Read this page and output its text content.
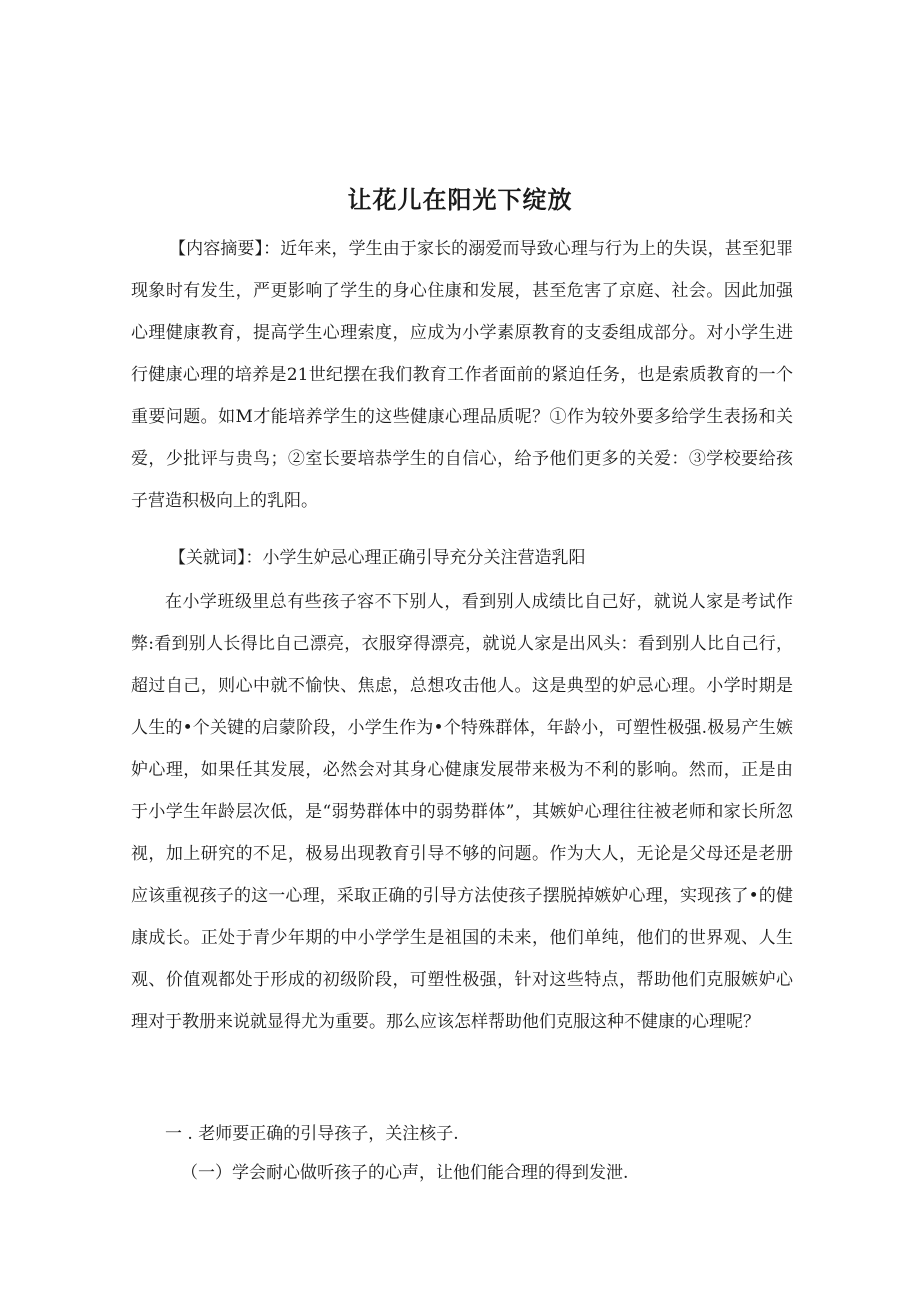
让花儿在阳光下绽放

【内容摘要】：近年来，学生由于家长的溺爱而导致心理与行为上的失误，甚至犯罪现象时有发生，严更影响了学生的身心住康和发展，甚至危害了京庭、社会。因此加强心理健康教育，提高学生心理索度，应成为小学素原教育的支委组成部分。对小学生进行健康心理的培养是21世纪摆在我们教育工作者面前的紧迫任务，也是索质教育的一个重要问题。如M才能培养学生的这些健康心理品质呢？①作为较外要多给学生表扬和关爱，少批评与贵鸟；②室长要培恭学生的自信心，给予他们更多的关爱：③学校要给孩子营造积极向上的乳阳。

【关就词】：小学生妒忌心理正确引导充分关注营造乳阳

在小学班级里总有些孩子容不下别人，看到别人成绩比自己好，就说人家是考试作弊:看到别人长得比自己漂亮，衣服穿得漂亮，就说人家是出风头：看到别人比自己行，超过自己，则心中就不愉快、焦虑，总想攻击他人。这是典型的妒忌心理。小学时期是人生的•个关键的启蒙阶段，小学生作为•个特殊群体，年龄小，可塑性极强.极易产生嫉妒心理，如果任其发展，必然会对其身心健康发展带来极为不利的影响。然而，正是由于小学生年龄层次低，是“弱势群体中的弱势群体”，其嫉妒心理往往被老师和家长所忽视，加上研究的不足，极易出现教育引导不够的问题。作为大人，无论是父母还是老册应该重视孩子的这一心理，采取正确的引导方法使孩子摆脱掉嫉妒心理，实现孩了•的健康成长。正处于青少年期的中小学学生是祖国的未来，他们单纯，他们的世界观、人生观、价值观都处于形成的初级阶段，可塑性极强，针对这些特点，帮助他们克服嫉妒心理对于教册来说就显得尤为重要。那么应该怎样帮助他们克服这种不健康的心理呢？

一 . 老师要正确的引导孩子，关注核子.

（一）学会耐心做听孩子的心声，让他们能合理的得到发泄.
